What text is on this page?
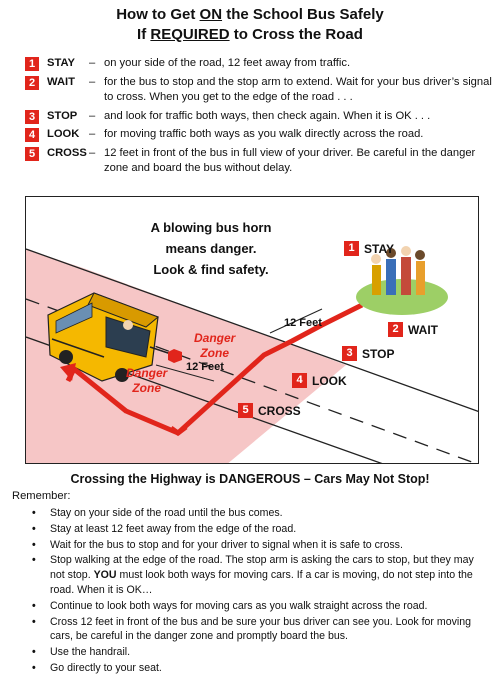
How to Get ON the School Bus Safely
If REQUIRED to Cross the Road
1	STAY – on your side of the road, 12 feet away from traffic.
2	WAIT – for the bus to stop and the stop arm to extend. Wait for your bus driver’s signal to cross. When you get to the edge of the road . . .
3	STOP – and look for traffic both ways, then check again. When it is OK . . .
4	LOOK – for moving traffic both ways as you walk directly across the road.
5	CROSS – 12 feet in front of the bus in full view of your driver. Be careful in the danger zone and board the bus without delay.
A blowing bus horn
means danger.
Look & find safety.
1 STAY
2 WAIT
3 STOP
4 LOOK
5 CROSS
12 Feet
12 Feet
Danger
Zone
Danger
Zone
Crossing the Highway is DANGEROUS – Cars May Not Stop!
Remember:
• Stay on your side of the road until the bus comes.
• Stay at least 12 feet away from the edge of the road.
• Wait for the bus to stop and for your driver to signal when it is safe to cross.
• Stop walking at the edge of the road. The stop arm is asking the cars to stop, but they may not stop. YOU must look both ways for moving cars. If a car is moving, do not step into the road. When it is OK…
• Continue to look both ways for moving cars as you walk straight across the road.
• Cross 12 feet in front of the bus and be sure your bus driver can see you. Look for moving cars, be careful in the danger zone and promptly board the bus.
• Use the handrail.
• Go directly to your seat.
